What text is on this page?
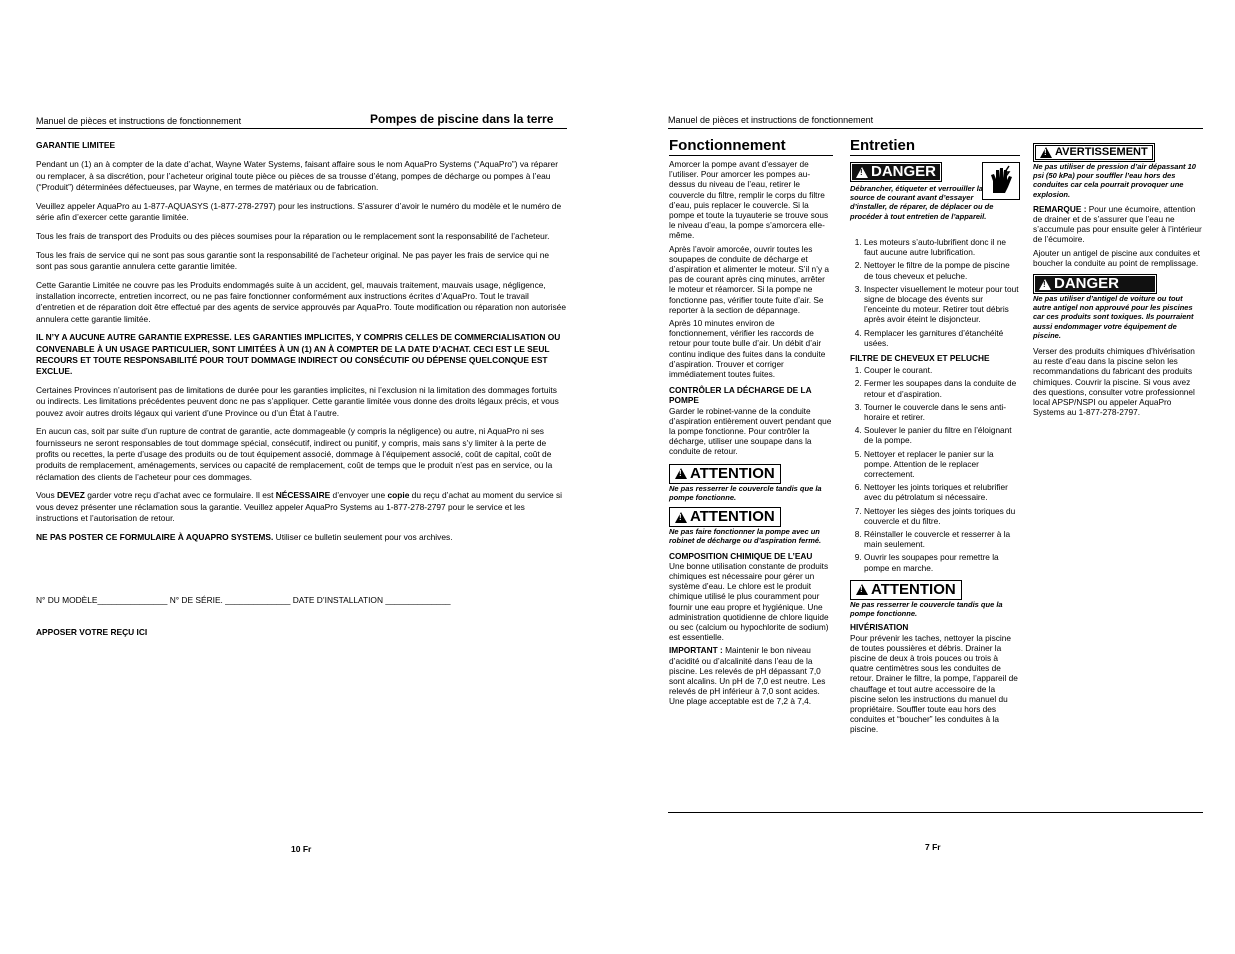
Manuel de pièces et instructions de fonctionnement	Pompes de piscine dans la terre

GARANTIE LIMITEE

Pendant un (1) an à compter de la date d’achat, Wayne Water Systems, faisant affaire sous le nom AquaPro Systems (“AquaPro”) va réparer ou remplacer, à sa discrétion, pour l’acheteur original toute pièce ou pièces de sa trousse d’étang, pompes de décharge ou pompes à l’eau (“Produit”) déterminées défectueuses, par Wayne, en termes de matériaux ou de fabrication.

Veuillez appeler AquaPro au 1-877-AQUASYS (1-877-278-2797) pour les instructions. S’assurer d’avoir le numéro du modèle et le numéro de série afin d’exercer cette garantie limitée.

Tous les frais de transport des Produits ou des pièces soumises pour la réparation ou le remplacement sont la responsabilité de l’acheteur.

Tous les frais de service qui ne sont pas sous garantie sont la responsabilité de l’acheteur original. Ne pas payer les frais de service qui ne sont pas sous garantie annulera cette garantie limitée.

Cette Garantie Limitée ne couvre pas les Produits endommagés suite à un accident, gel, mauvais traitement, mauvais usage, négligence, installation incorrecte, entretien incorrect, ou ne pas faire fonctionner conformément aux instructions écrites d’AquaPro. Tout le travail d’entretien et de réparation doit être effectué par des agents de service approuvés par AquaPro. Toute modification ou réparation non autorisée annulera cette garantie limitée.

IL N’Y A AUCUNE AUTRE GARANTIE EXPRESSE. LES GARANTIES IMPLICITES, Y COMPRIS CELLES DE COMMERCIALISATION OU CONVENABLE À UN USAGE PARTICULIER, SONT LIMITÉES À UN (1) AN À COMPTER DE LA DATE D’ACHAT. CECI EST LE SEUL RECOURS ET TOUTE RESPONSABILITÉ POUR TOUT DOMMAGE INDIRECT OU CONSÉCUTIF OU DÉPENSE QUELCONQUE EST EXCLUE.

Certaines Provinces n’autorisent pas de limitations de durée pour les garanties implicites, ni l’exclusion ni la limitation des dommages fortuits ou indirects. Les limitations précédentes peuvent donc ne pas s’appliquer. Cette garantie limitée vous donne des droits légaux précis, et vous pouvez avoir autres droits légaux qui varient d’une Province ou d’un État à l’autre.

En aucun cas, soit par suite d’un rupture de contrat de garantie, acte dommageable (y compris la négligence) ou autre, ni AquaPro ni ses fournisseurs ne seront responsables de tout dommage spécial, consécutif, indirect ou punitif, y compris, mais sans s’y limiter à la perte de profits ou recettes, la perte d’usage des produits ou de tout équipement associé, dommage à l’équipement associé, coût de capital, coût de produits de remplacement, aménagements, services ou capacité de remplacement, coût de temps que le produit n’est pas en service, ou la réclamation des clients de l’acheteur pour ces dommages.

Vous DEVEZ garder votre reçu d’achat avec ce formulaire. Il est NÉCESSAIRE d’envoyer une copie du reçu d’achat au moment du service si vous devez présenter une réclamation sous la garantie. Veuillez appeler AquaPro Systems au 1-877-278-2797 pour le service et les instructions et l’autorisation de retour.

NE PAS POSTER CE FORMULAIRE À AQUAPRO SYSTEMS. Utiliser ce bulletin seulement pour vos archives.

N° DU MODÈLE_______________ N° DE SÉRIE. ______________ DATE D’INSTALLATION ______________
APPOSER VOTRE REÇU ICI
10 Fr
Manuel de pièces et instructions de fonctionnement
Fonctionnement

Amorcer la pompe avant d’essayer de l’utiliser. Pour amorcer les pompes au-dessus du niveau de l’eau, retirer le couvercle du filtre, remplir le corps du filtre d’eau, puis replacer le couvercle. Si la pompe et toute la tuyauterie se trouve sous le niveau d’eau, la pompe s’amorcera elle-même.

Après l’avoir amorcée, ouvrir toutes les soupapes de conduite de décharge et d’aspiration et alimenter le moteur. S’il n’y a pas de courant après cinq minutes, arrêter le moteur et réamorcer. Si la pompe ne fonctionne pas, vérifier toute fuite d’air. Se reporter à la section de dépannage.

Après 10 minutes environ de fonctionnement, vérifier les raccords de retour pour toute bulle d’air. Un débit d’air continu indique des fuites dans la conduite d’aspiration. Trouver et corriger immédiatement toutes fuites.

CONTRÔLER LA DÉCHARGE DE LA POMPE

Garder le robinet-vanne de la conduite d’aspiration entièrement ouvert pendant que la pompe fonctionne. Pour contrôler la décharge, utiliser une soupape dans la conduite de retour.

!
ATTENTION

Ne pas resserrer le couvercle tandis que la pompe fonctionne.

!
ATTENTION

Ne pas faire fonctionner la pompe avec un robinet de décharge ou d’aspiration fermé.

COMPOSITION CHIMIQUE DE L’EAU

Une bonne utilisation constante de produits chimiques est nécessaire pour gérer un système d’eau. Le chlore est le produit chimique utilisé le plus couramment pour fournir une eau propre et hygiénique. Une administration quotidienne de chlore liquide ou sec (calcium ou hypochlorite de sodium) est essentielle.

IMPORTANT : Maintenir le bon niveau d’acidité ou d’alcalinité dans l’eau de la piscine. Les relevés de pH dépassant 7,0 sont alcalins. Un pH de 7,0 est neutre. Les relevés de pH inférieur à 7,0 sont acides. Une plage acceptable est de 7,2 à 7,4.

Entretien
!
DANGER

Débrancher, étiqueter et verrouiller la source de courant avant d’essayer d’installer, de réparer, de déplacer ou de procéder à tout entretien de l’appareil.

1. Les moteurs s’auto-lubrifient donc il ne faut aucune autre lubrification.
2. Nettoyer le filtre de la pompe de piscine de tous cheveux et peluche.
3. Inspecter visuellement le moteur pour tout signe de blocage des évents sur l’enceinte du moteur. Retirer tout débris après avoir éteint le disjoncteur.
4. Remplacer les garnitures d’étanchéité usées.

FILTRE DE CHEVEUX ET PELUCHE

1. Couper le courant.
2. Fermer les soupapes dans la conduite de retour et d’aspiration.
3. Tourner le couvercle dans le sens anti-horaire et retirer.
4. Soulever le panier du filtre en l’éloignant de la pompe.
5. Nettoyer et replacer le panier sur la pompe. Attention de le replacer correctement.
6. Nettoyer les joints toriques et relubrifier avec du pétrolatum si nécessaire.
7. Nettoyer les sièges des joints toriques du couvercle et du filtre.
8. Réinstaller le couvercle et resserrer à la main seulement.
9. Ouvrir les soupapes pour remettre la pompe en marche.
!
ATTENTION

Ne pas resserrer le couvercle tandis que la pompe fonctionne.

HIVÉRISATION

Pour prévenir les taches, nettoyer la piscine de toutes poussières et débris. Drainer la piscine de deux à trois pouces ou trois à quatre centimètres sous les conduites de retour. Drainer le filtre, la pompe, l’appareil de chauffage et tout autre accessoire de la piscine selon les instructions du manuel du propriétaire. Souffler toute eau hors des conduites et “boucher” les conduites à la piscine.

!
AVERTISSEMENT

Ne pas utiliser de pression d’air dépassant 10 psi (50 kPa) pour souffler l’eau hors des conduites car cela pourrait provoquer une explosion.

REMARQUE : Pour une écumoire, attention de drainer et de s’assurer que l’eau ne s’accumule pas pour ensuite geler à l’intérieur de l’écumoire.

Ajouter un antigel de piscine aux conduites et boucher la conduite au point de remplissage.

!
DANGER

Ne pas utiliser d’antigel de voiture ou tout autre antigel non approuvé pour les piscines car ces produits sont toxiques. Ils pourraient aussi endommager votre équipement de piscine.

Verser des produits chimiques d’hivérisation au reste d’eau dans la piscine selon les recommandations du fabricant des produits chimiques. Couvrir la piscine. Si vous avez des questions, consulter votre professionnel local APSP/NSPI ou appeler AquaPro Systems au 1-877-278-2797.

7 Fr
